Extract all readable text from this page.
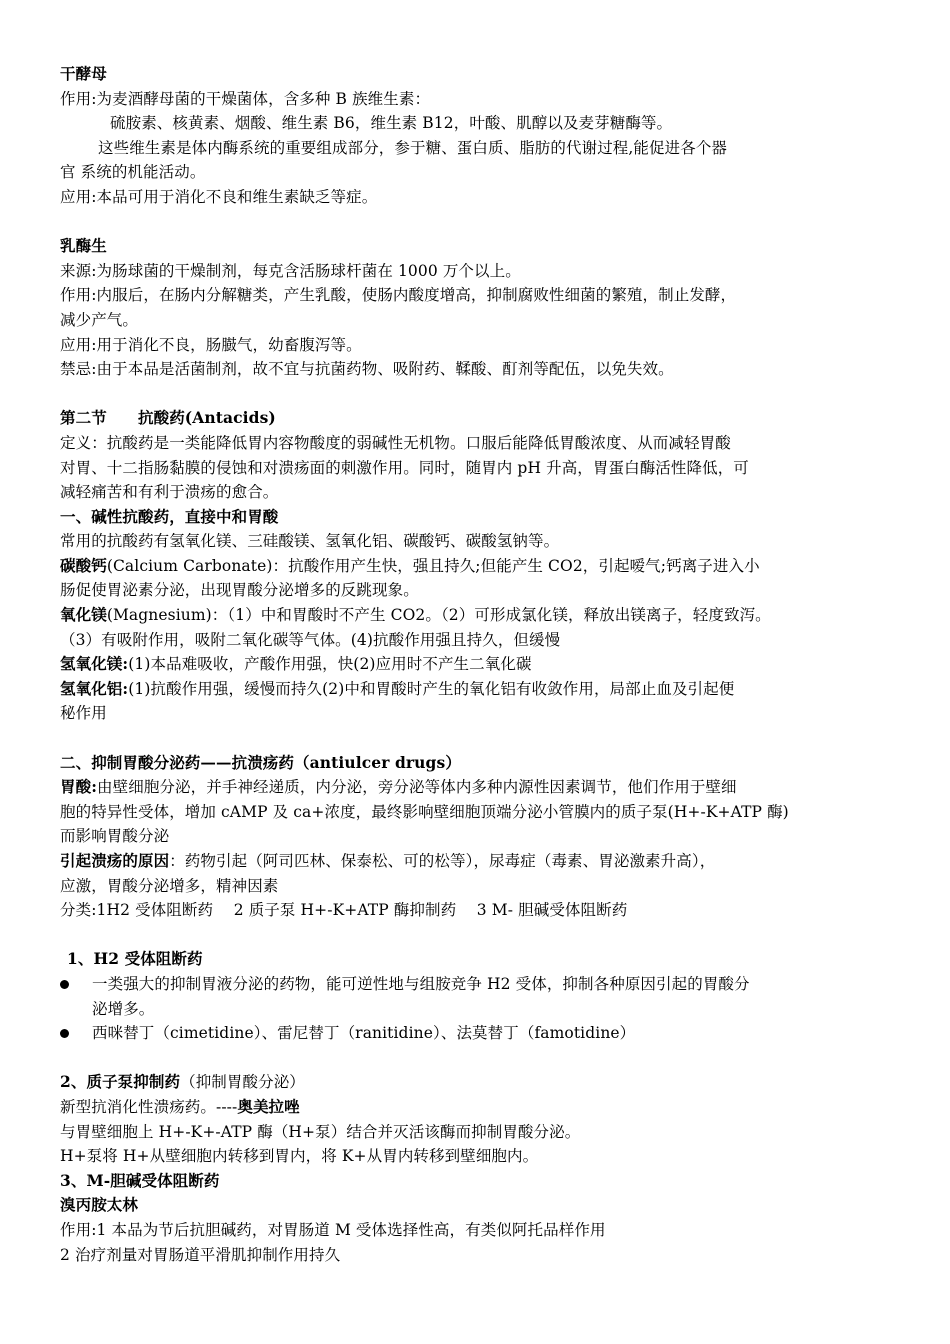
干酵母
作用:为麦酒酵母菌的干燥菌体，含多种 B 族维生素：
硫胺素、核黄素、烟酸、维生素 B6，维生素 B12，叶酸、肌醇以及麦芽糖酶等。
这些维生素是体内酶系统的重要组成部分，参于糖、蛋白质、脂肪的代谢过程,能促进各个器
官 系统的机能活动。
应用:本品可用于消化不良和维生素缺乏等症。
乳酶生
来源:为肠球菌的干燥制剂，每克含活肠球杆菌在 1000 万个以上。
作用:内服后，在肠内分解糖类，产生乳酸，使肠内酸度增高，抑制腐败性细菌的繁殖，制止发酵，
减少产气。
应用:用于消化不良，肠臌气，幼畜腹泻等。
禁忌:由于本品是活菌制剂，故不宜与抗菌药物、吸附药、鞣酸、酊剂等配伍，以免失效。
第二节　　抗酸药(Antacids)
定义：抗酸药是一类能降低胃内容物酸度的弱碱性无机物。口服后能降低胃酸浓度、从而减轻胃酸
对胃、十二指肠黏膜的侵蚀和对溃疡面的刺激作用。同时，随胃内 pH 升高，胃蛋白酶活性降低，可
减轻痛苦和有利于溃疡的愈合。
一、碱性抗酸药，直接中和胃酸
常用的抗酸药有氢氧化镁、三硅酸镁、氢氧化铝、碳酸钙、碳酸氢钠等。
碳酸钙(Calcium Carbonate)：抗酸作用产生快，强且持久;但能产生 CO2，引起嗳气;钙离子进入小
肠促使胃泌素分泌，出现胃酸分泌增多的反跳现象。
氧化镁(Magnesium)：（1）中和胃酸时不产生 CO2。（2）可形成氯化镁，释放出镁离子，轻度致泻。
（3）有吸附作用，吸附二氧化碳等气体。(4)抗酸作用强且持久，但缓慢
氢氧化镁:(1)本品难吸收，产酸作用强，快(2)应用时不产生二氧化碳
氢氧化铝:(1)抗酸作用强，缓慢而持久(2)中和胃酸时产生的氧化铝有收敛作用，局部止血及引起便
秘作用
二、抑制胃酸分泌药——抗溃疡药（antiulcer drugs）
胃酸:由壁细胞分泌，并手神经递质，内分泌，旁分泌等体内多种内源性因素调节，他们作用于壁细
胞的特异性受体，增加 cAMP 及 ca+浓度，最终影响壁细胞顶端分泌小管膜内的质子泵(H+-K+ATP 酶)
而影响胃酸分泌
引起溃疡的原因：药物引起（阿司匹林、保泰松、可的松等），尿毒症（毒素、胃泌激素升高），
应激，胃酸分泌增多，精神因素
分类:1H2 受体阻断药　 2 质子泵 H+-K+ATP 酶抑制药　 3 M- 胆碱受体阻断药
1、H2 受体阻断药
一类强大的抑制胃液分泌的药物，能可逆性地与组胺竞争 H2 受体，抑制各种原因引起的胃酸分
泌增多。
西咪替丁（cimetidine）、雷尼替丁（ranitidine）、法莫替丁（famotidine）
2、质子泵抑制药（抑制胃酸分泌）
新型抗消化性溃疡药。----奥美拉唑
与胃壁细胞上 H+-K+-ATP 酶（H+泵）结合并灭活该酶而抑制胃酸分泌。
H+泵将 H+从壁细胞内转移到胃内，将 K+从胃内转移到壁细胞内。
3、M-胆碱受体阻断药
溴丙胺太林
作用:1 本品为节后抗胆碱药，对胃肠道 M 受体选择性高，有类似阿托品样作用
2 治疗剂量对胃肠道平滑肌抑制作用持久
